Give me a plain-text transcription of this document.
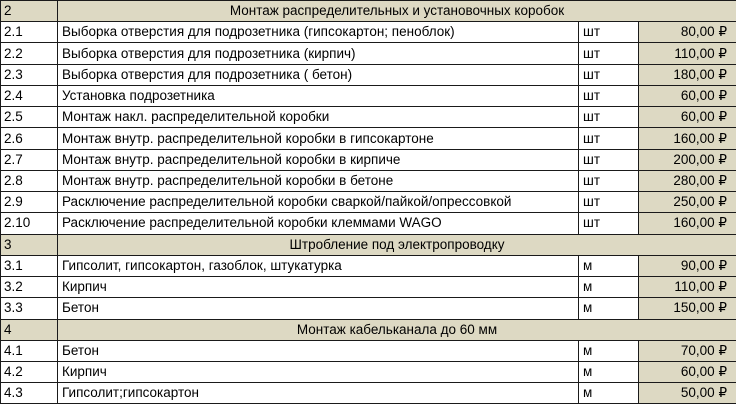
2	Монтаж распределительных и установочных коробок		
2.1	Выборка отверстия для подрозетника (гипсокартон; пеноблок)	шт	80,00 ₽
2.2	Выборка отверстия для подрозетника (кирпич)	шт	110,00 ₽
2.3	Выборка отверстия для подрозетника ( бетон)	шт	180,00 ₽
2.4	Установка подрозетника	шт	60,00 ₽
2.5	Монтаж накл. распределительной коробки	шт	60,00 ₽
2.6	Монтаж внутр. распределительной коробки в гипсокартоне	шт	160,00 ₽
2.7	Монтаж внутр. распределительной коробки в кирпиче	шт	200,00 ₽
2.8	Монтаж внутр. распределительной коробки в бетоне	шт	280,00 ₽
2.9	Расключение распределительной коробки сваркой/пайкой/опрессовкой	шт	250,00 ₽
2.10	Расключение распределительной коробки клеммами WAGO	шт	160,00 ₽
3	Штробление под электропроводку		
3.1	Гипсолит, гипсокартон, газоблок, штукатурка	м	90,00 ₽
3.2	Кирпич	м	110,00 ₽
3.3	Бетон	м	150,00 ₽
4	Монтаж кабельканала до 60 мм		
4.1	Бетон	м	70,00 ₽
4.2	Кирпич	м	60,00 ₽
4.3	Гипсолит;гипсокартон	м	50,00 ₽
